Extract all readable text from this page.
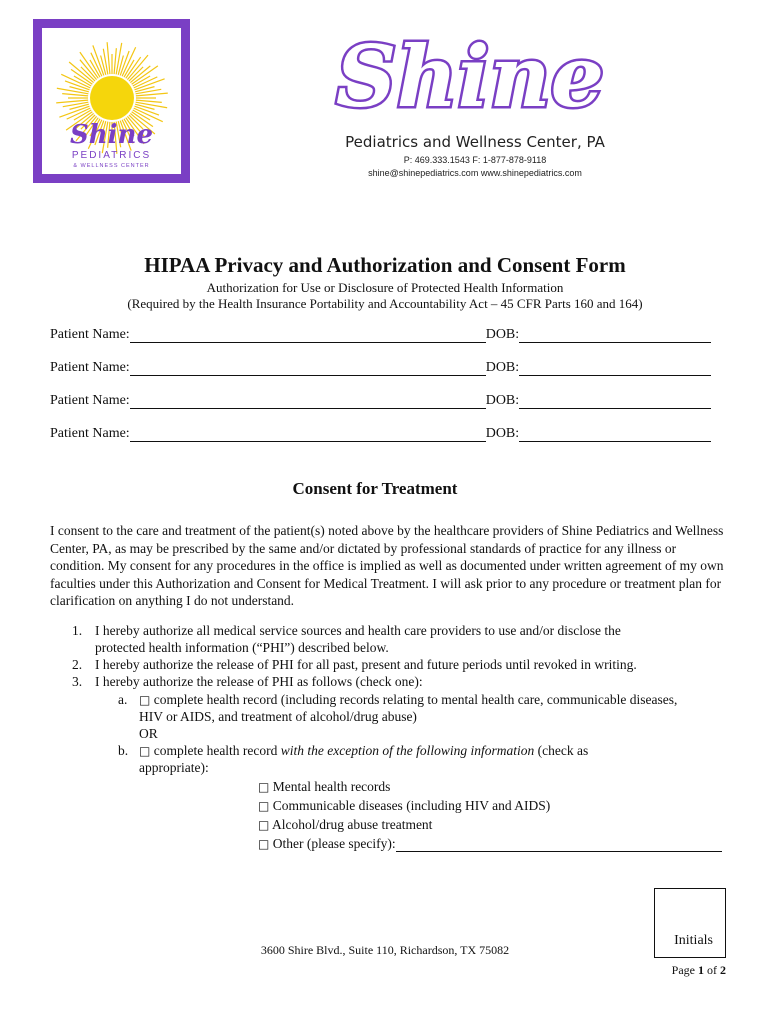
Shine
PEDIATRICS
& WELLNESS CENTER
Shine
Pediatrics and Wellness Center, PA
P: 469.333.1543 F: 1-877-878-9118
shine@shinepediatrics.com www.shinepediatrics.com
HIPAA Privacy and Authorization and Consent Form
Authorization for Use or Disclosure of Protected Health Information
(Required by the Health Insurance Portability and Accountability Act – 45 CFR Parts 160 and 164)
Patient Name:	DOB:
Patient Name:	DOB:
Patient Name:	DOB:
Patient Name:	DOB:
Consent for Treatment
I consent to the care and treatment of the patient(s) noted above by the healthcare providers of Shine Pediatrics and Wellness Center, PA, as may be prescribed by the same and/or dictated by professional standards of practice for any illness or condition. My consent for any procedures in the office is implied as well as documented under written agreement of my own faculties under this Authorization and Consent for Medical Treatment. I will ask prior to any procedure or treatment plan for clarification on anything I do not understand.
1. I hereby authorize all medical service sources and health care providers to use and/or disclose the
protected health information (“PHI”) described below.
2. I hereby authorize the release of PHI for all past, present and future periods until revoked in writing.
3. I hereby authorize the release of PHI as follows (check one):
a. □ complete health record (including records relating to mental health care, communicable diseases,
HIV or AIDS, and treatment of alcohol/drug abuse)
OR
b. □ complete health record with the exception of the following information (check as
appropriate):
□ Mental health records
□ Communicable diseases (including HIV and AIDS)
□ Alcohol/drug abuse treatment
□ Other (please specify):
Initials
3600 Shire Blvd., Suite 110, Richardson, TX 75082
Page 1 of 2
